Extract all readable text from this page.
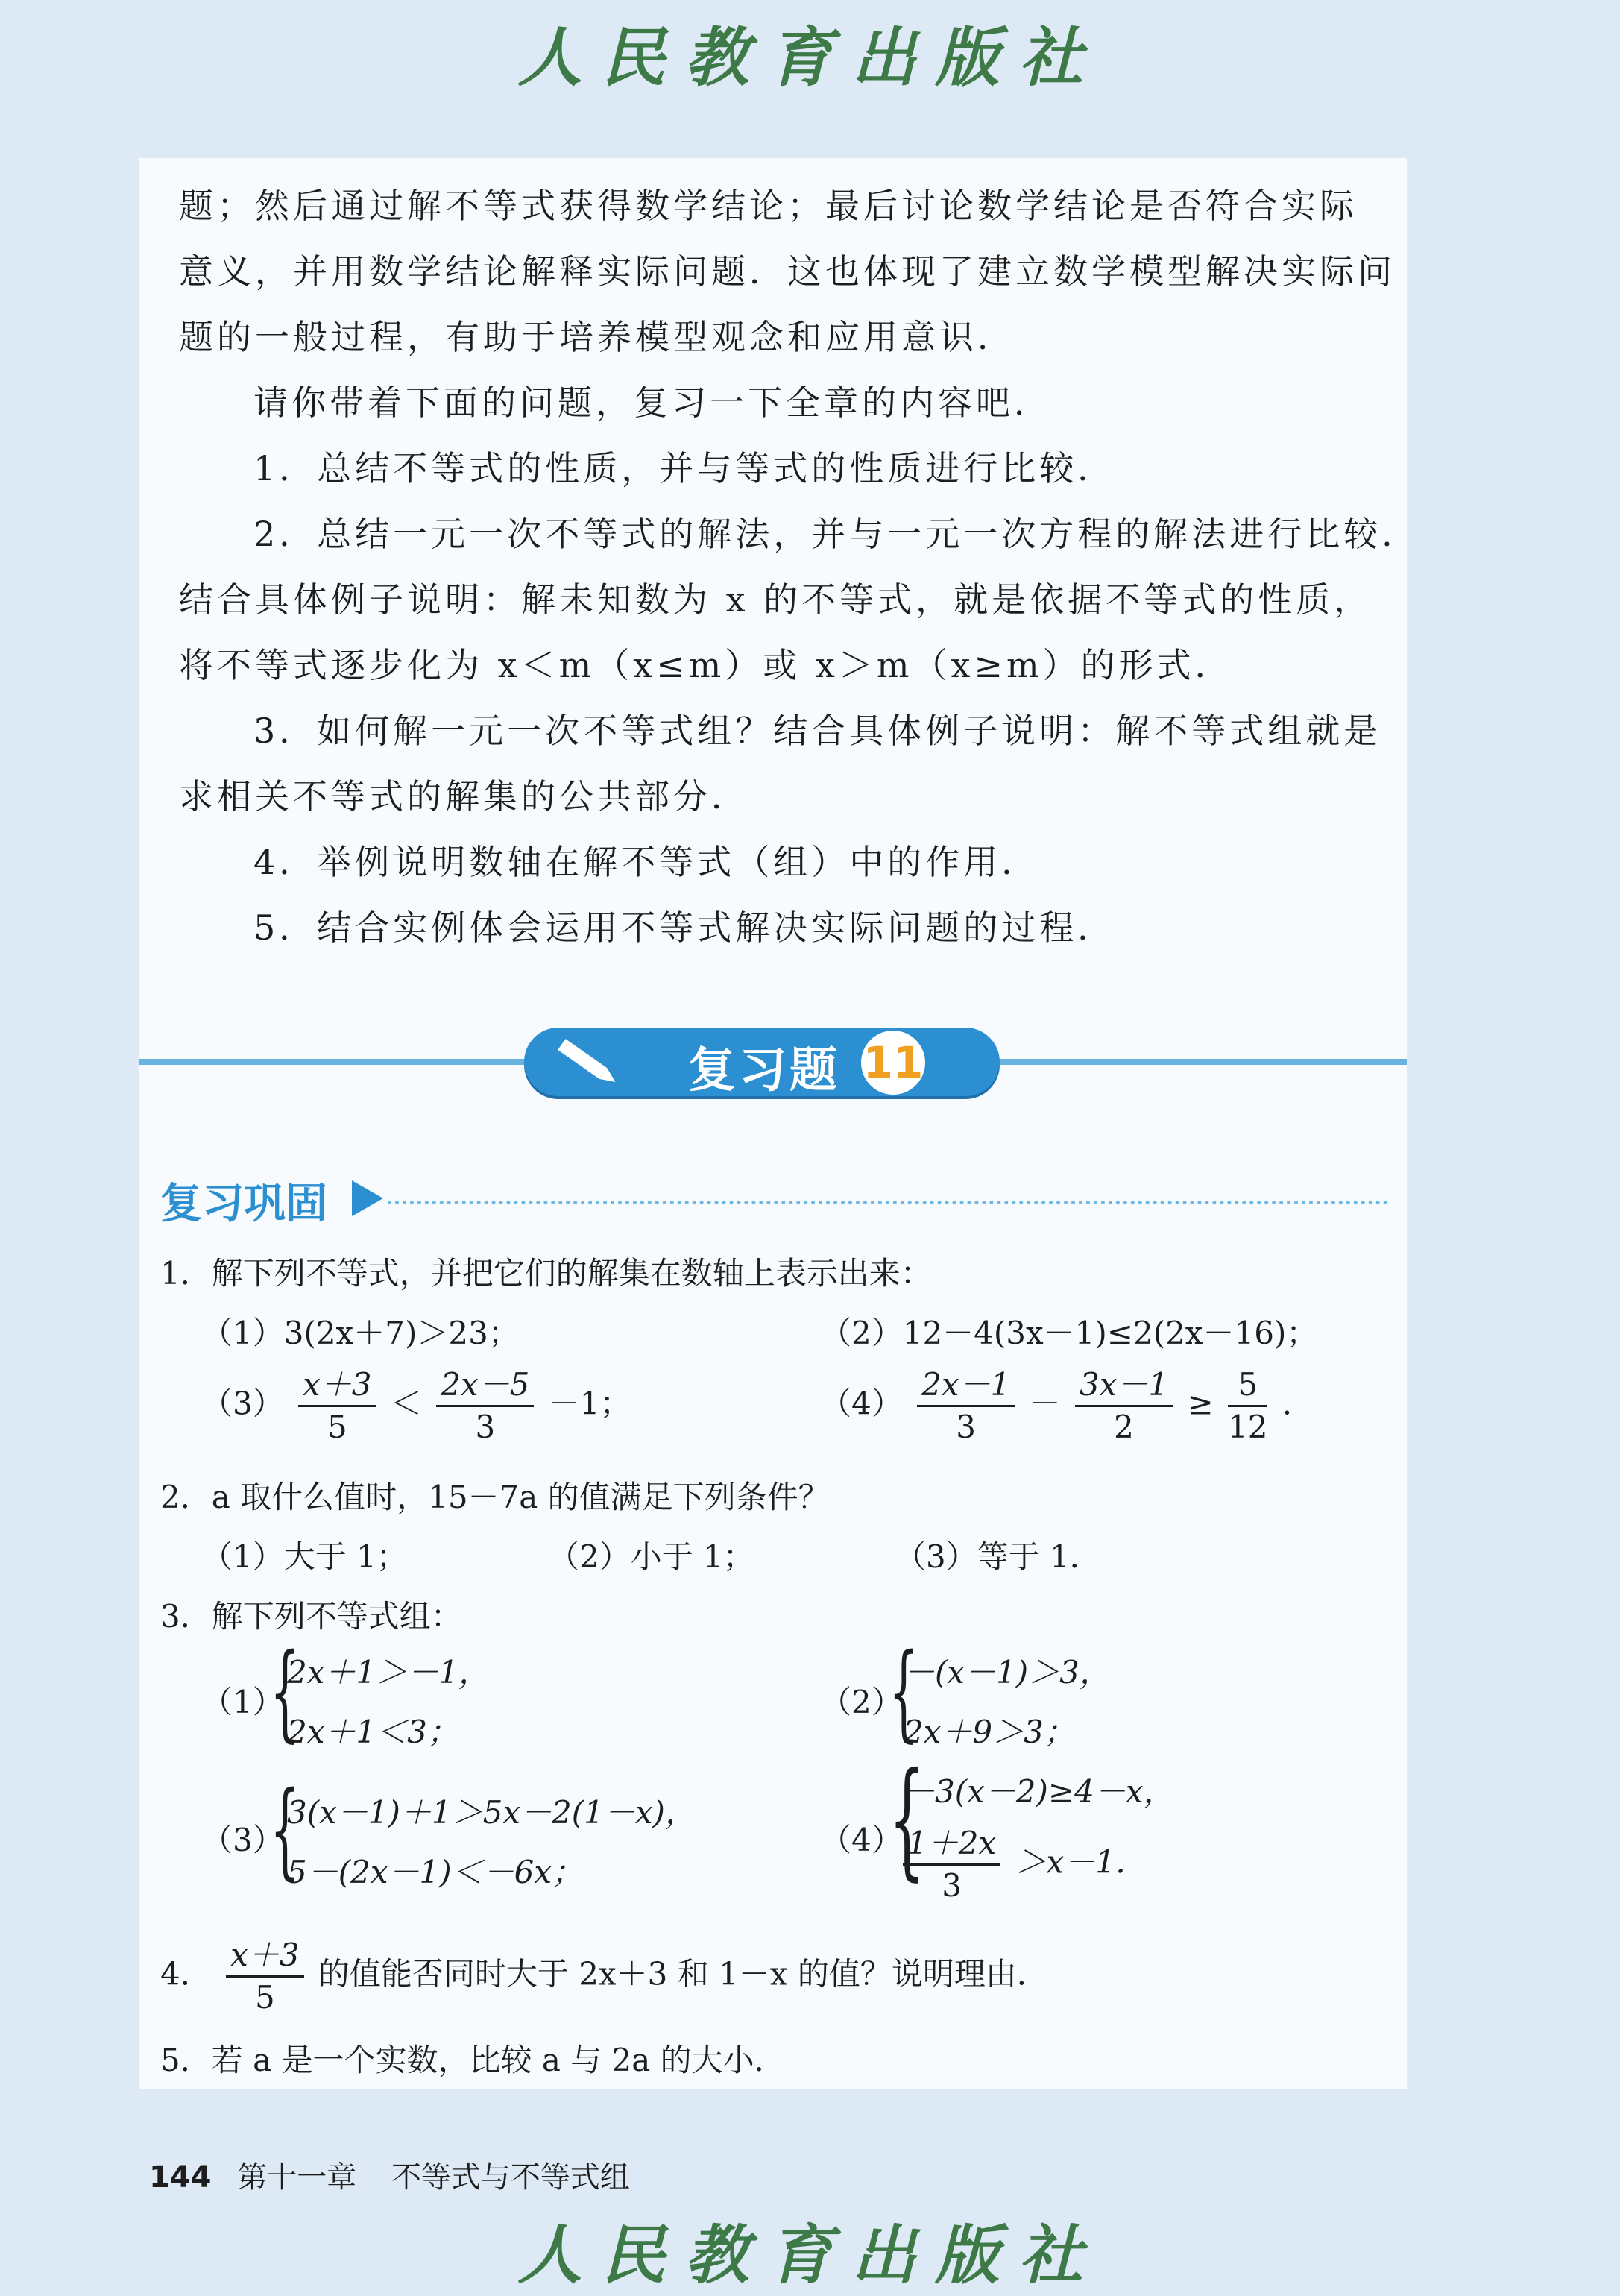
人民教育出版社
题；然后通过解不等式获得数学结论；最后讨论数学结论是否符合实际
意义，并用数学结论解释实际问题．这也体现了建立数学模型解决实际问
题的一般过程，有助于培养模型观念和应用意识．
请你带着下面的问题，复习一下全章的内容吧．
1．总结不等式的性质，并与等式的性质进行比较．
2．总结一元一次不等式的解法，并与一元一次方程的解法进行比较．
结合具体例子说明：解未知数为 x 的不等式，就是依据不等式的性质，
将不等式逐步化为 x＜m（x≤m）或 x＞m（x≥m）的形式．
3．如何解一元一次不等式组？结合具体例子说明：解不等式组就是
求相关不等式的解集的公共部分．
4．举例说明数轴在解不等式（组）中的作用．
5．结合实例体会运用不等式解决实际问题的过程．
复习题 11
复习巩固
1．解下列不等式，并把它们的解集在数轴上表示出来：
（1）3(2x＋7)＞23；	（2）12－4(3x－1)≤2(2x－16)；
$(3) \frac{x+3}{5} < \frac{2x-5}{3} -1$；	$(4) \frac{2x-1}{3} - \frac{3x-1}{2} \ge \frac{5}{12}$ ．
2．a 取什么值时，15－7a 的值满足下列条件？
（1）大于 1；	（2）小于 1；	（3）等于 1．
3．解下列不等式组：
（1）
{
2x＋1＞－1，
2x＋1＜3；
（2）
{
－(x－1)＞3，
2x＋9＞3；
（3）
{
3(x－1)＋1＞5x－2(1－x)，
5－(2x－1)＜－6x；
（4）
{
－3(x－2)≥4－x，
$\frac{1+2x}{3} >x-1$．
4． $\frac{x+3}{5}$ 的值能否同时大于 2x＋3 和 1－x 的值？说明理由．
5．若 a 是一个实数，比较 a 与 2a 的大小．
144 第十一章 不等式与不等式组
人民教育出版社
